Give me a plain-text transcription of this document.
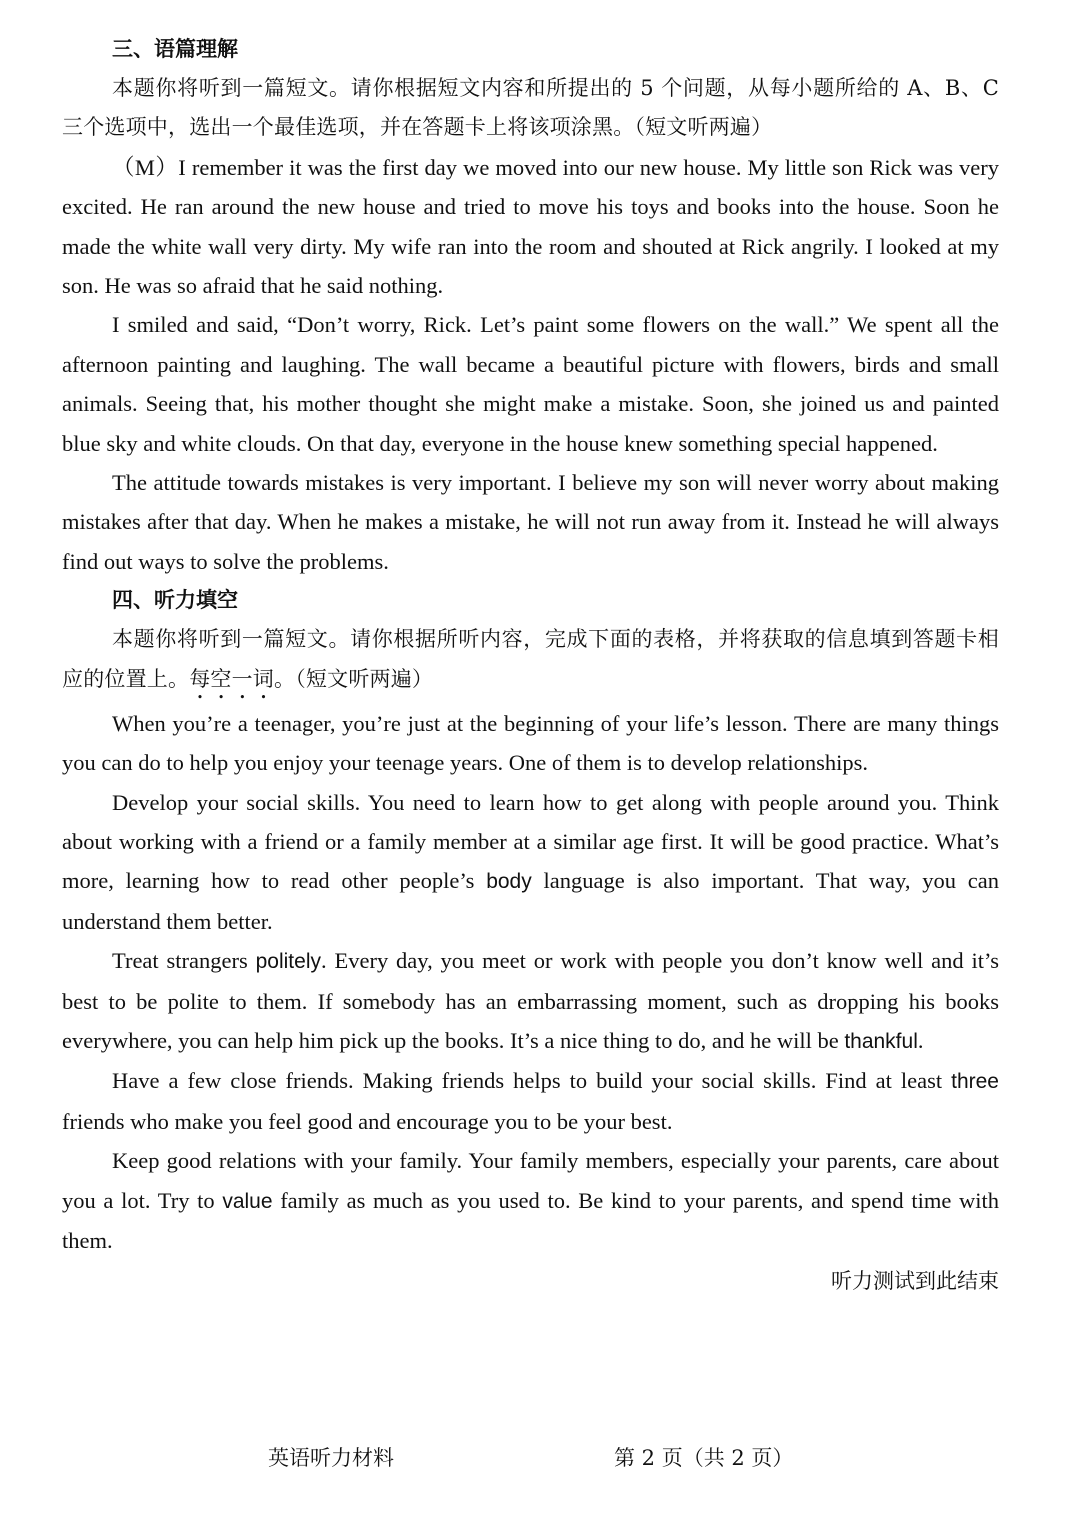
三、语篇理解

本题你将听到一篇短文。请你根据短文内容和所提出的 5 个问题，从每小题所给的 A、B、C 三个选项中，选出一个最佳选项，并在答题卡上将该项涂黑。（短文听两遍）

（M）I remember it was the first day we moved into our new house. My little son Rick was very excited. He ran around the new house and tried to move his toys and books into the house. Soon he made the white wall very dirty. My wife ran into the room and shouted at Rick angrily. I looked at my son. He was so afraid that he said nothing.

I smiled and said, “Don’t worry, Rick. Let’s paint some flowers on the wall.” We spent all the afternoon painting and laughing. The wall became a beautiful picture with flowers, birds and small animals. Seeing that, his mother thought she might make a mistake. Soon, she joined us and painted blue sky and white clouds. On that day, everyone in the house knew something special happened.

The attitude towards mistakes is very important. I believe my son will never worry about making mistakes after that day. When he makes a mistake, he will not run away from it. Instead he will always find out ways to solve the problems.

四、听力填空

本题你将听到一篇短文。请你根据所听内容，完成下面的表格，并将获取的信息填到答题卡相应的位置上。每空一词。（短文听两遍）

When you’re a teenager, you’re just at the beginning of your life’s lesson. There are many things you can do to help you enjoy your teenage years. One of them is to develop relationships.

Develop your social skills. You need to learn how to get along with people around you. Think about working with a friend or a family member at a similar age first. It will be good practice. What’s more, learning how to read other people’s body language is also important. That way, you can understand them better.

Treat strangers politely. Every day, you meet or work with people you don’t know well and it’s best to be polite to them. If somebody has an embarrassing moment, such as dropping his books everywhere, you can help him pick up the books. It’s a nice thing to do, and he will be thankful.

Have a few close friends. Making friends helps to build your social skills. Find at least three friends who make you feel good and encourage you to be your best.

Keep good relations with your family. Your family members, especially your parents, care about you a lot. Try to value family as much as you used to. Be kind to your parents, and spend time with them.

听力测试到此结束
英语听力材料	第 2 页（共 2 页）
